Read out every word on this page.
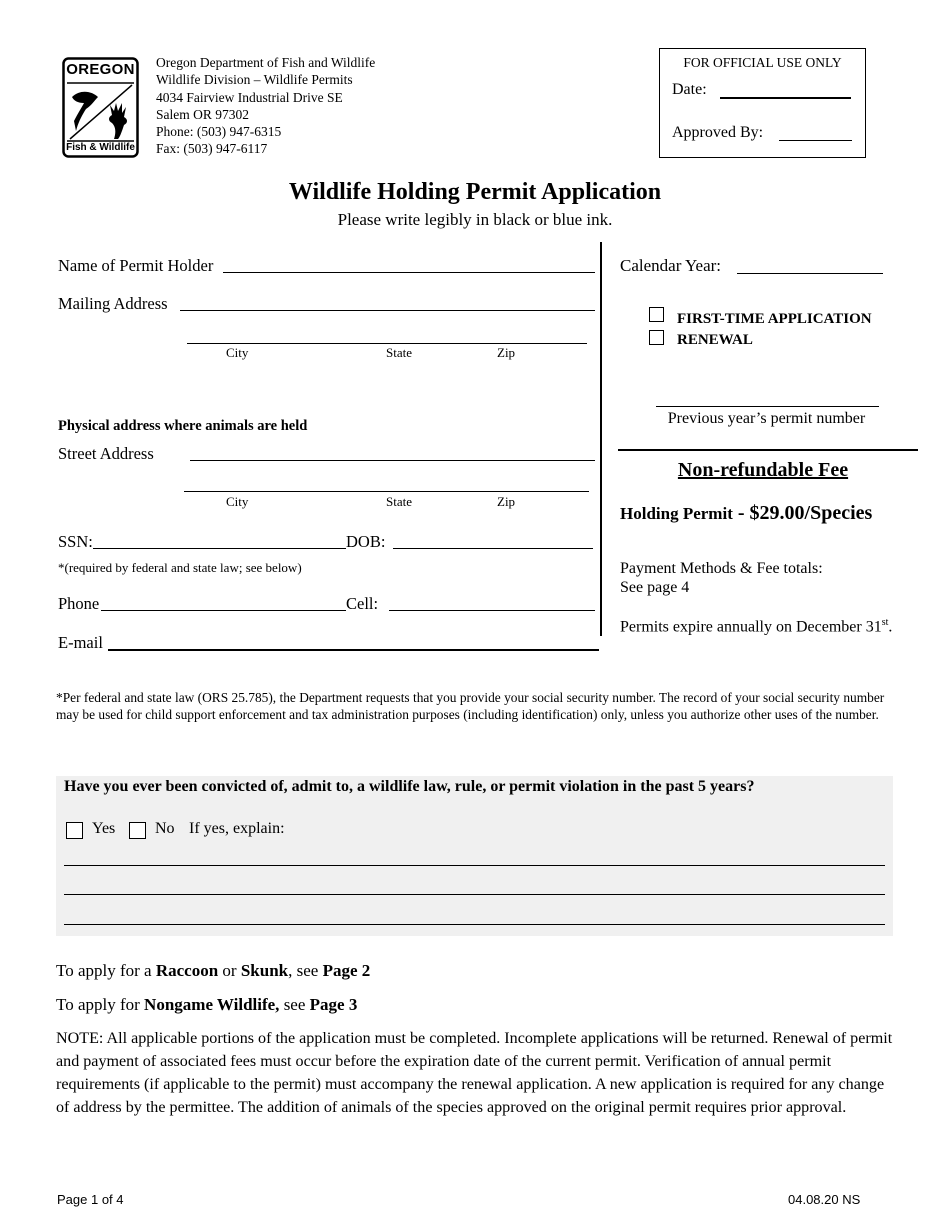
OREGON
Fish & Wildlife
Oregon Department of Fish and Wildlife
Wildlife Division – Wildlife Permits
4034 Fairview Industrial Drive SE
Salem OR 97302
Phone: (503) 947-6315
Fax: (503) 947-6117
FOR OFFICIAL USE ONLY
Date:
Approved By:
Wildlife Holding Permit Application
Please write legibly in black or blue ink.
Name of Permit Holder
Mailing Address
City	State	Zip
Physical address where animals are held
Street Address
City	State	Zip
SSN:	DOB:
*(required by federal and state law; see below)
Phone	Cell:
E-mail
Calendar Year:
FIRST-TIME APPLICATION
RENEWAL
Previous year’s permit number
Non-refundable Fee
Holding Permit - $29.00/Species
Payment Methods & Fee totals:
See page 4
Permits expire annually on December 31st.
*Per federal and state law (ORS 25.785), the Department requests that you provide your social security number. The record of your social security number may be used for child support enforcement and tax administration purposes (including identification) only, unless you authorize other uses of the number.
Have you ever been convicted of, admit to, a wildlife law, rule, or permit violation in the past 5 years?
Yes No If yes, explain:
To apply for a Raccoon or Skunk, see Page 2
To apply for Nongame Wildlife, see Page 3
NOTE: All applicable portions of the application must be completed. Incomplete applications will be returned. Renewal of permit and payment of associated fees must occur before the expiration date of the current permit. Verification of annual permit requirements (if applicable to the permit) must accompany the renewal application. A new application is required for any change of address by the permittee. The addition of animals of the species approved on the original permit requires prior approval.
Page 1 of 4	04.08.20 NS
